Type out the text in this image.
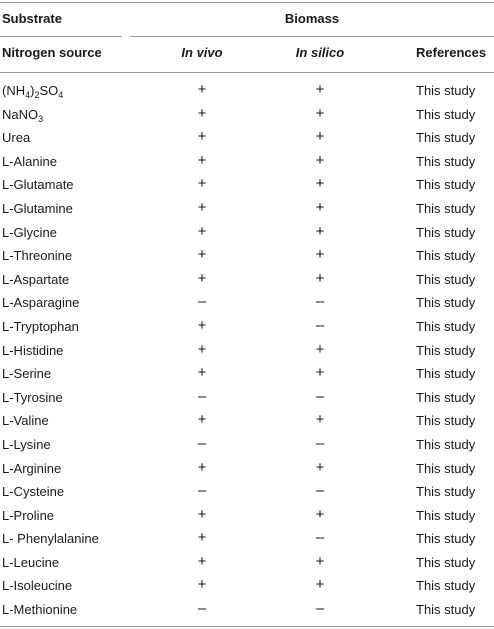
Substrate	Biomass
Nitrogen source	In vivo	In silico	References
$(NH_4)_2SO_4$	+	+	This study
NaNO$_3$	+	+	This study
Urea	+	+	This study
L-Alanine	+	+	This study
L-Glutamate	+	+	This study
L-Glutamine	+	+	This study
L-Glycine	+	+	This study
L-Threonine	+	+	This study
L-Aspartate	+	+	This study
L-Asparagine	–	–	This study
L-Tryptophan	+	–	This study
L-Histidine	+	+	This study
L-Serine	+	+	This study
L-Tyrosine	–	–	This study
L-Valine	+	+	This study
L-Lysine	–	–	This study
L-Arginine	+	+	This study
L-Cysteine	–	–	This study
L-Proline	+	+	This study
L- Phenylalanine	+	–	This study
L-Leucine	+	+	This study
L-Isoleucine	+	+	This study
L-Methionine	–	–	This study
